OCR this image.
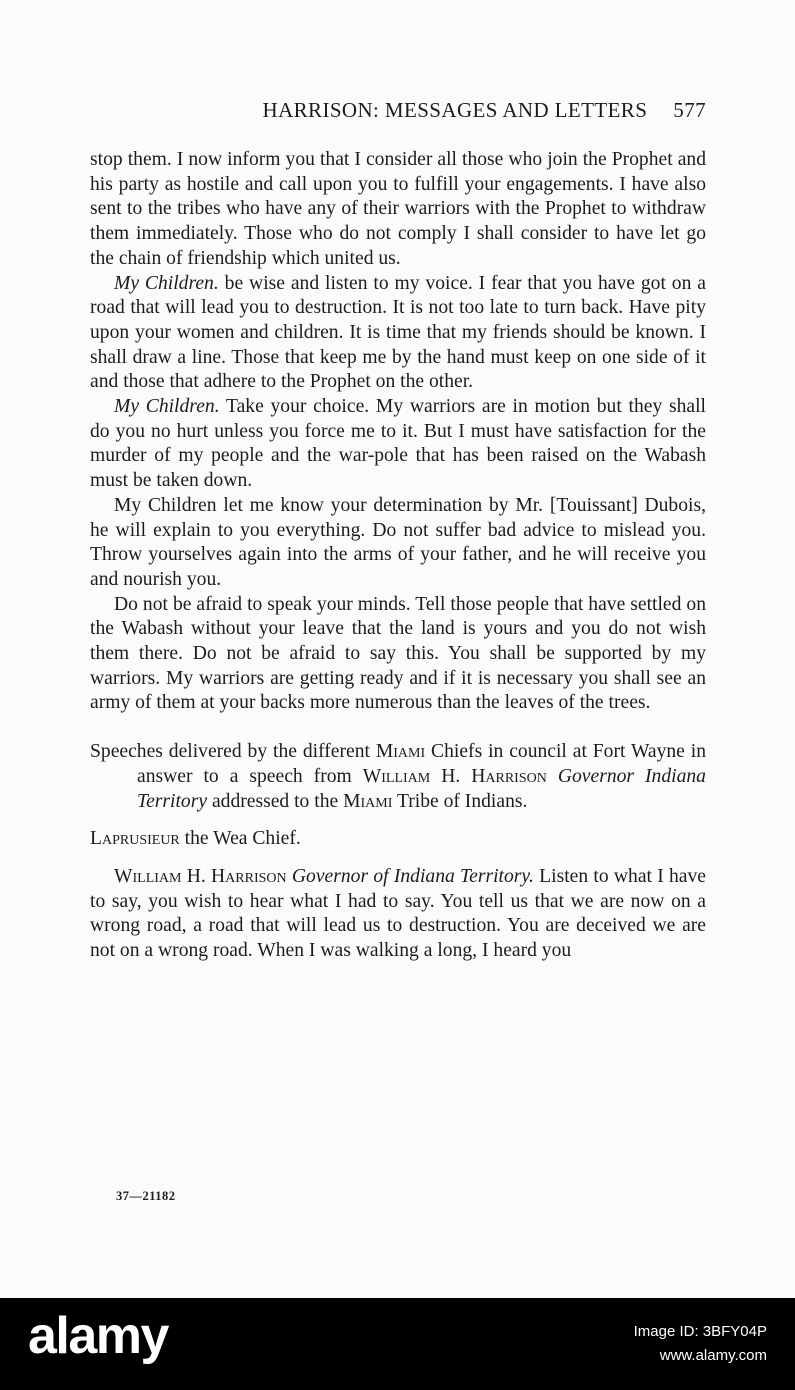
HARRISON: MESSAGES AND LETTERS 577

stop them. I now inform you that I consider all those who join the Prophet and his party as hostile and call upon you to fulfill your engagements. I have also sent to the tribes who have any of their warriors with the Prophet to withdraw them immediately. Those who do not comply I shall consider to have let go the chain of friendship which united us.

My Children. be wise and listen to my voice. I fear that you have got on a road that will lead you to destruction. It is not too late to turn back. Have pity upon your women and children. It is time that my friends should be known. I shall draw a line. Those that keep me by the hand must keep on one side of it and those that adhere to the Prophet on the other.

My Children. Take your choice. My warriors are in motion but they shall do you no hurt unless you force me to it. But I must have satisfaction for the murder of my people and the war-pole that has been raised on the Wabash must be taken down.

My Children let me know your determination by Mr. [Touissant] Dubois, he will explain to you everything. Do not suffer bad advice to mislead you. Throw yourselves again into the arms of your father, and he will receive you and nourish you.

Do not be afraid to speak your minds. Tell those people that have settled on the Wabash without your leave that the land is yours and you do not wish them there. Do not be afraid to say this. You shall be supported by my warriors. My warriors are getting ready and if it is necessary you shall see an army of them at your backs more numerous than the leaves of the trees.

Speeches delivered by the different Miami Chiefs in council at Fort Wayne in answer to a speech from William H. Harrison Governor Indiana Territory addressed to the Miami Tribe of Indians.

Laprusieur the Wea Chief.

William H. Harrison Governor of Indiana Territory. Listen to what I have to say, you wish to hear what I had to say. You tell us that we are now on a wrong road, a road that will lead us to destruction. You are deceived we are not on a wrong road. When I was walking a long, I heard you

37—21182
alamy	Image ID: 3BFY04P
www.alamy.com
